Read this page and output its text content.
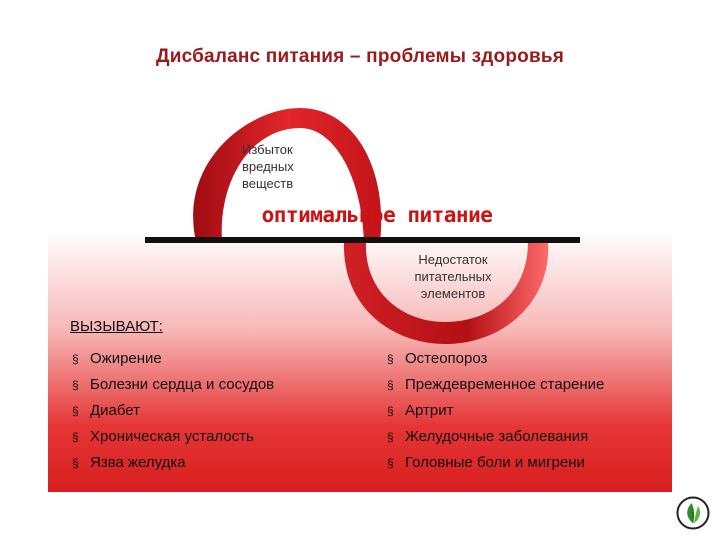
Дисбаланс питания – проблемы здоровья
Избыток вредных веществ
оптимальное питание
Недостаток питательных элементов
ВЫЗЫВАЮТ:
§ Ожирение
§ Болезни сердца и сосудов
§ Диабет
§ Хроническая усталость
§ Язва желудка
§ Остеопороз
§ Преждевременное старение
§ Артрит
§ Желудочные заболевания
§ Головные боли и мигрени
